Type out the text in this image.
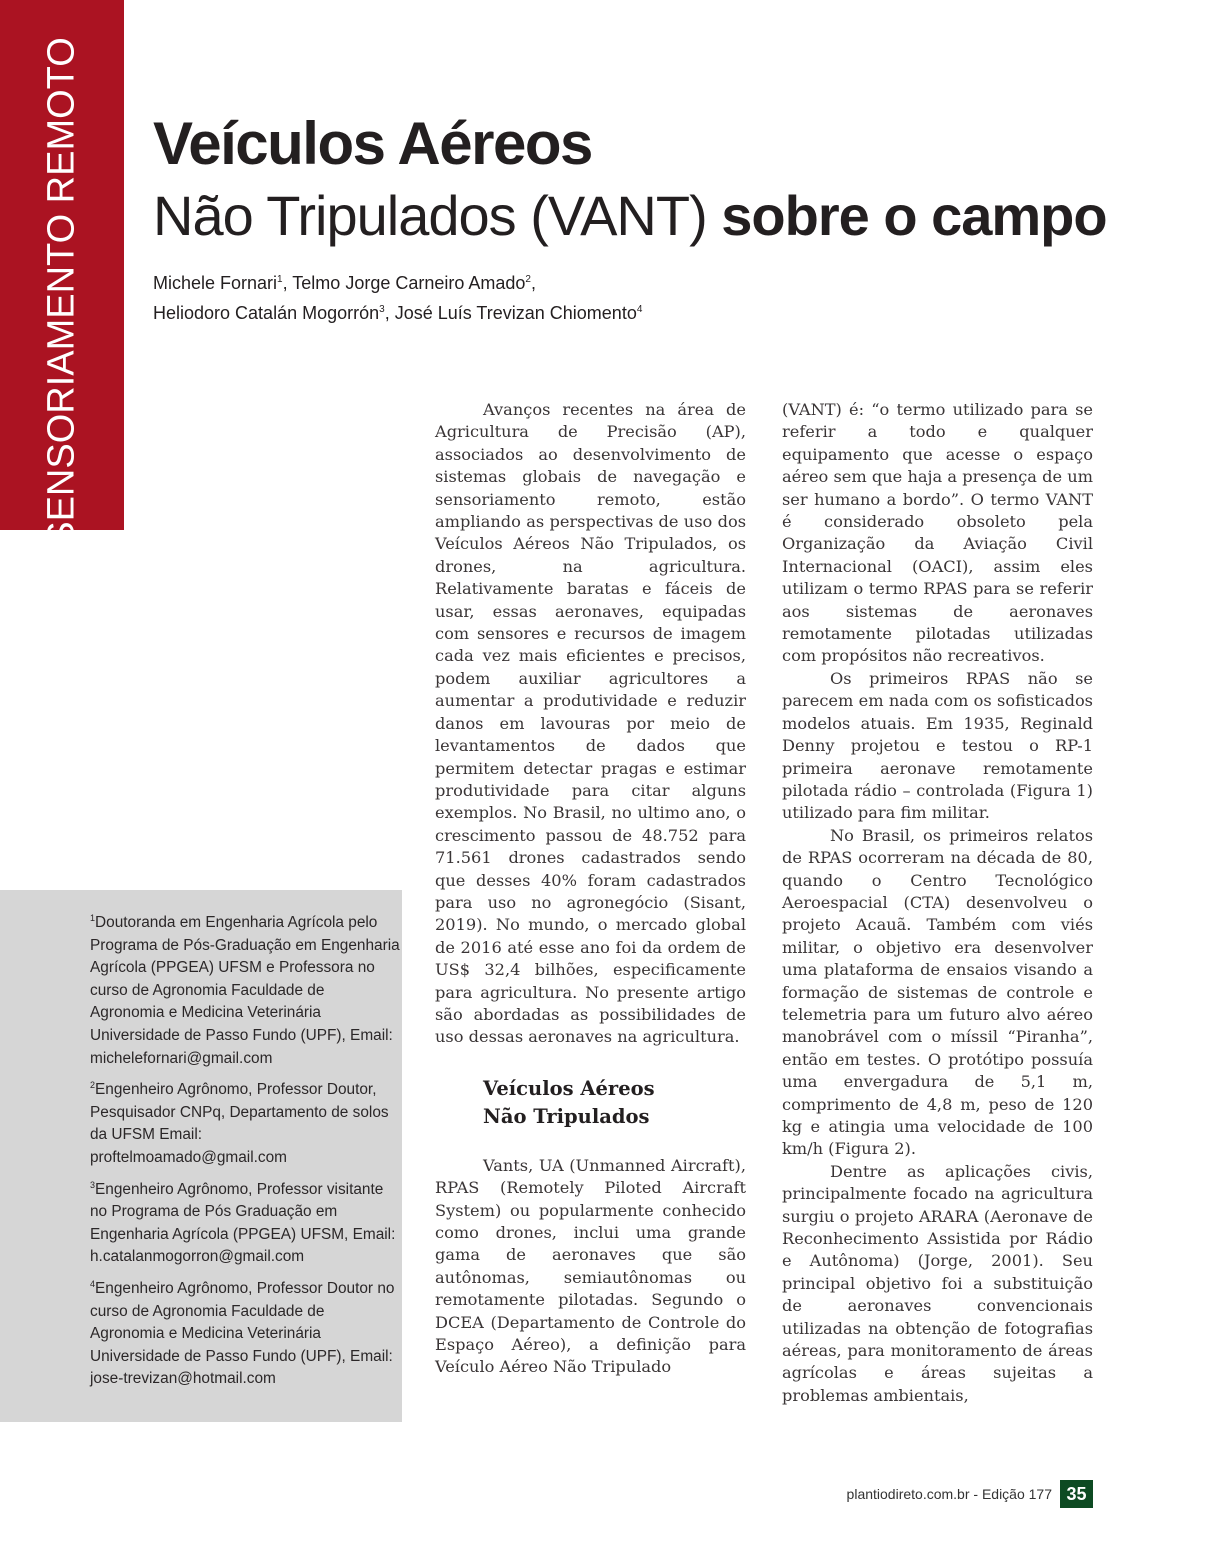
SENSORIAMENTO REMOTO Veículos Aéreos
Não Tripulados (VANT) sobre o campo
Michele Fornari$^1$, Telmo Jorge Carneiro Amado$^2$,
Heliodoro Catalán Mogorrón$^3$, José Luís Trevizan Chiomento$^4$

$^1$Doutoranda em Engenharia Agrícola pelo Programa de Pós-Graduação em Engenharia Agrícola (PPGEA) UFSM e Professora no curso de Agronomia Faculdade de Agronomia e Medicina Veterinária Universidade de Passo Fundo (UPF), Email: michelefornari@gmail.com

$^2$Engenheiro Agrônomo, Professor Doutor, Pesquisador CNPq, Departamento de solos da UFSM Email: proftelmoamado@gmail.com

$^3$Engenheiro Agrônomo, Professor visitante no Programa de Pós Graduação em Engenharia Agrícola (PPGEA) UFSM, Email: h.catalanmogorron@gmail.com

$^4$Engenheiro Agrônomo, Professor Doutor no curso de Agronomia Faculdade de Agronomia e Medicina Veterinária Universidade de Passo Fundo (UPF), Email: jose-trevizan@hotmail.com

Avanços recentes na área de Agricultura de Precisão (AP), associados ao desenvolvimento de sistemas globais de navegação e sensoriamento remoto, estão ampliando as perspectivas de uso dos Veículos Aéreos Não Tripulados, os drones, na agricultura. Relativamente baratas e fáceis de usar, essas aeronaves, equipadas com sensores e recursos de imagem cada vez mais eficientes e precisos, podem auxiliar agricultores a aumentar a produtividade e reduzir danos em lavouras por meio de levantamentos de dados que permitem detectar pragas e estimar produtividade para citar alguns exemplos. No Brasil, no ultimo ano, o crescimento passou de 48.752 para 71.561 drones cadastrados sendo que desses 40% foram cadastrados para uso no agronegócio (Sisant, 2019). No mundo, o mercado global de 2016 até esse ano foi da ordem de US$ 32,4 bilhões, especificamente para agricultura. No presente artigo são abordadas as possibilidades de uso dessas aeronaves na agricultura.

Veículos Aéreos
Não Tripulados

Vants, UA (Unmanned Aircraft), RPAS (Remotely Piloted Aircraft System) ou popularmente conhecido como drones, inclui uma grande gama de aeronaves que são autônomas, semiautônomas ou remotamente pilotadas. Segundo o DCEA (Departamento de Controle do Espaço Aéreo), a definição para Veículo Aéreo Não Tripulado

(VANT) é: “o termo utilizado para se referir a todo e qualquer equipamento que acesse o espaço aéreo sem que haja a presença de um ser humano a bordo”. O termo VANT é considerado obsoleto pela Organização da Aviação Civil Internacional (OACI), assim eles utilizam o termo RPAS para se referir aos sistemas de aeronaves remotamente pilotadas utilizadas com propósitos não recreativos.

Os primeiros RPAS não se parecem em nada com os sofisticados modelos atuais. Em 1935, Reginald Denny projetou e testou o RP-1 primeira aeronave remotamente pilotada rádio – controlada (Figura 1) utilizado para fim militar.

No Brasil, os primeiros relatos de RPAS ocorreram na década de 80, quando o Centro Tecnológico Aeroespacial (CTA) desenvolveu o projeto Acauã. Também com viés militar, o objetivo era desenvolver uma plataforma de ensaios visando a formação de sistemas de controle e telemetria para um futuro alvo aéreo manobrável com o míssil “Piranha”, então em testes. O protótipo possuía uma envergadura de 5,1 m, comprimento de 4,8 m, peso de 120 kg e atingia uma velocidade de 100 km/h (Figura 2).

Dentre as aplicações civis, principalmente focado na agricultura surgiu o projeto ARARA (Aeronave de Reconhecimento Assistida por Rádio e Autônoma) (Jorge, 2001). Seu principal objetivo foi a substituição de aeronaves convencionais utilizadas na obtenção de fotografias aéreas, para monitoramento de áreas agrícolas e áreas sujeitas a problemas ambientais,

plantiodireto.com.br - Edição 177 35
